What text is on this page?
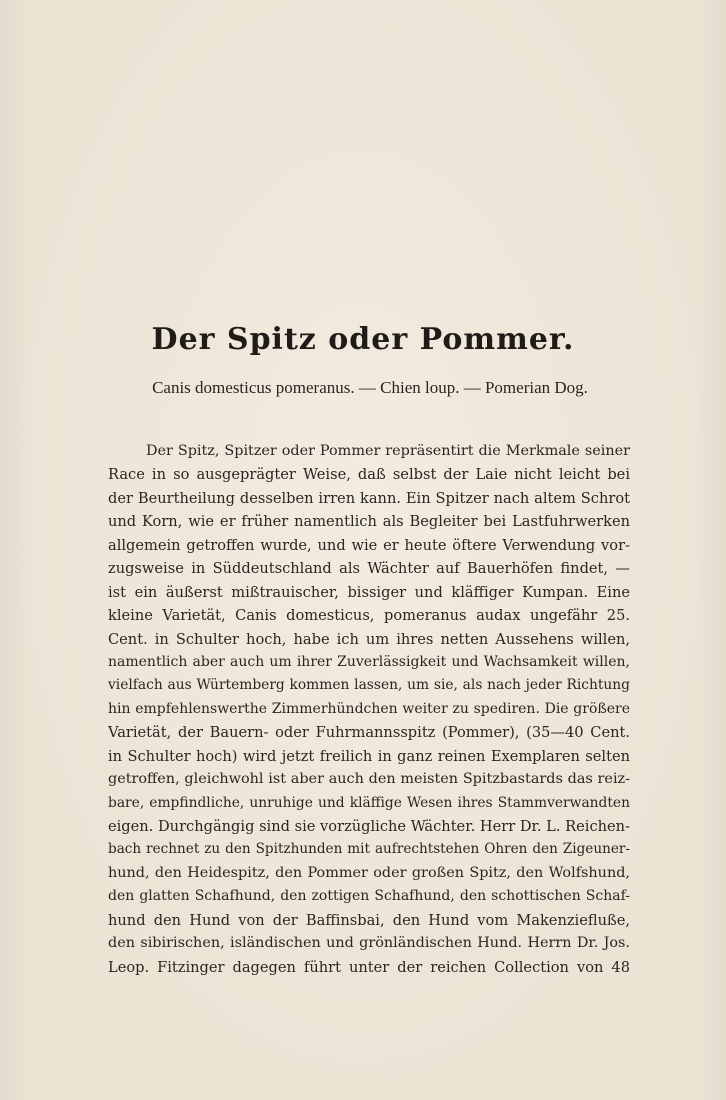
Der Spitz oder Pommer.

Canis domesticus pomeranus. — Chien loup. — Pomerian Dog.

Der Spitz, Spitzer oder Pommer repräsentirt die Merkmale seiner
Race in so ausgeprägter Weise, daß selbst der Laie nicht leicht bei
der Beurtheilung desselben irren kann. Ein Spitzer nach altem Schrot
und Korn, wie er früher namentlich als Begleiter bei Lastfuhrwerken
allgemein getroffen wurde, und wie er heute öftere Verwendung vor-
zugsweise in Süddeutschland als Wächter auf Bauerhöfen findet, —
ist ein äußerst mißtrauischer, bissiger und kläffiger Kumpan. Eine
kleine Varietät, Canis domesticus, pomeranus audax ungefähr 25.
Cent. in Schulter hoch, habe ich um ihres netten Aussehens willen,
namentlich aber auch um ihrer Zuverlässigkeit und Wachsamkeit willen,
vielfach aus Würtemberg kommen lassen, um sie, als nach jeder Richtung
hin empfehlenswerthe Zimmerhündchen weiter zu spediren. Die größere
Varietät, der Bauern- oder Fuhrmannsspitz (Pommer), (35—40 Cent.
in Schulter hoch) wird jetzt freilich in ganz reinen Exemplaren selten
getroffen, gleichwohl ist aber auch den meisten Spitzbastards das reiz-
bare, empfindliche, unruhige und kläffige Wesen ihres Stammverwandten
eigen. Durchgängig sind sie vorzügliche Wächter. Herr Dr. L. Reichen-
bach rechnet zu den Spitzhunden mit aufrechtstehen Ohren den Zigeuner-
hund, den Heidespitz, den Pommer oder großen Spitz, den Wolfshund,
den glatten Schafhund, den zottigen Schafhund, den schottischen Schaf-
hund den Hund von der Baffinsbai, den Hund vom Makenziefluße,
den sibirischen, isländischen und grönländischen Hund. Herrn Dr. Jos.
Leop. Fitzinger dagegen führt unter der reichen Collection von 48
